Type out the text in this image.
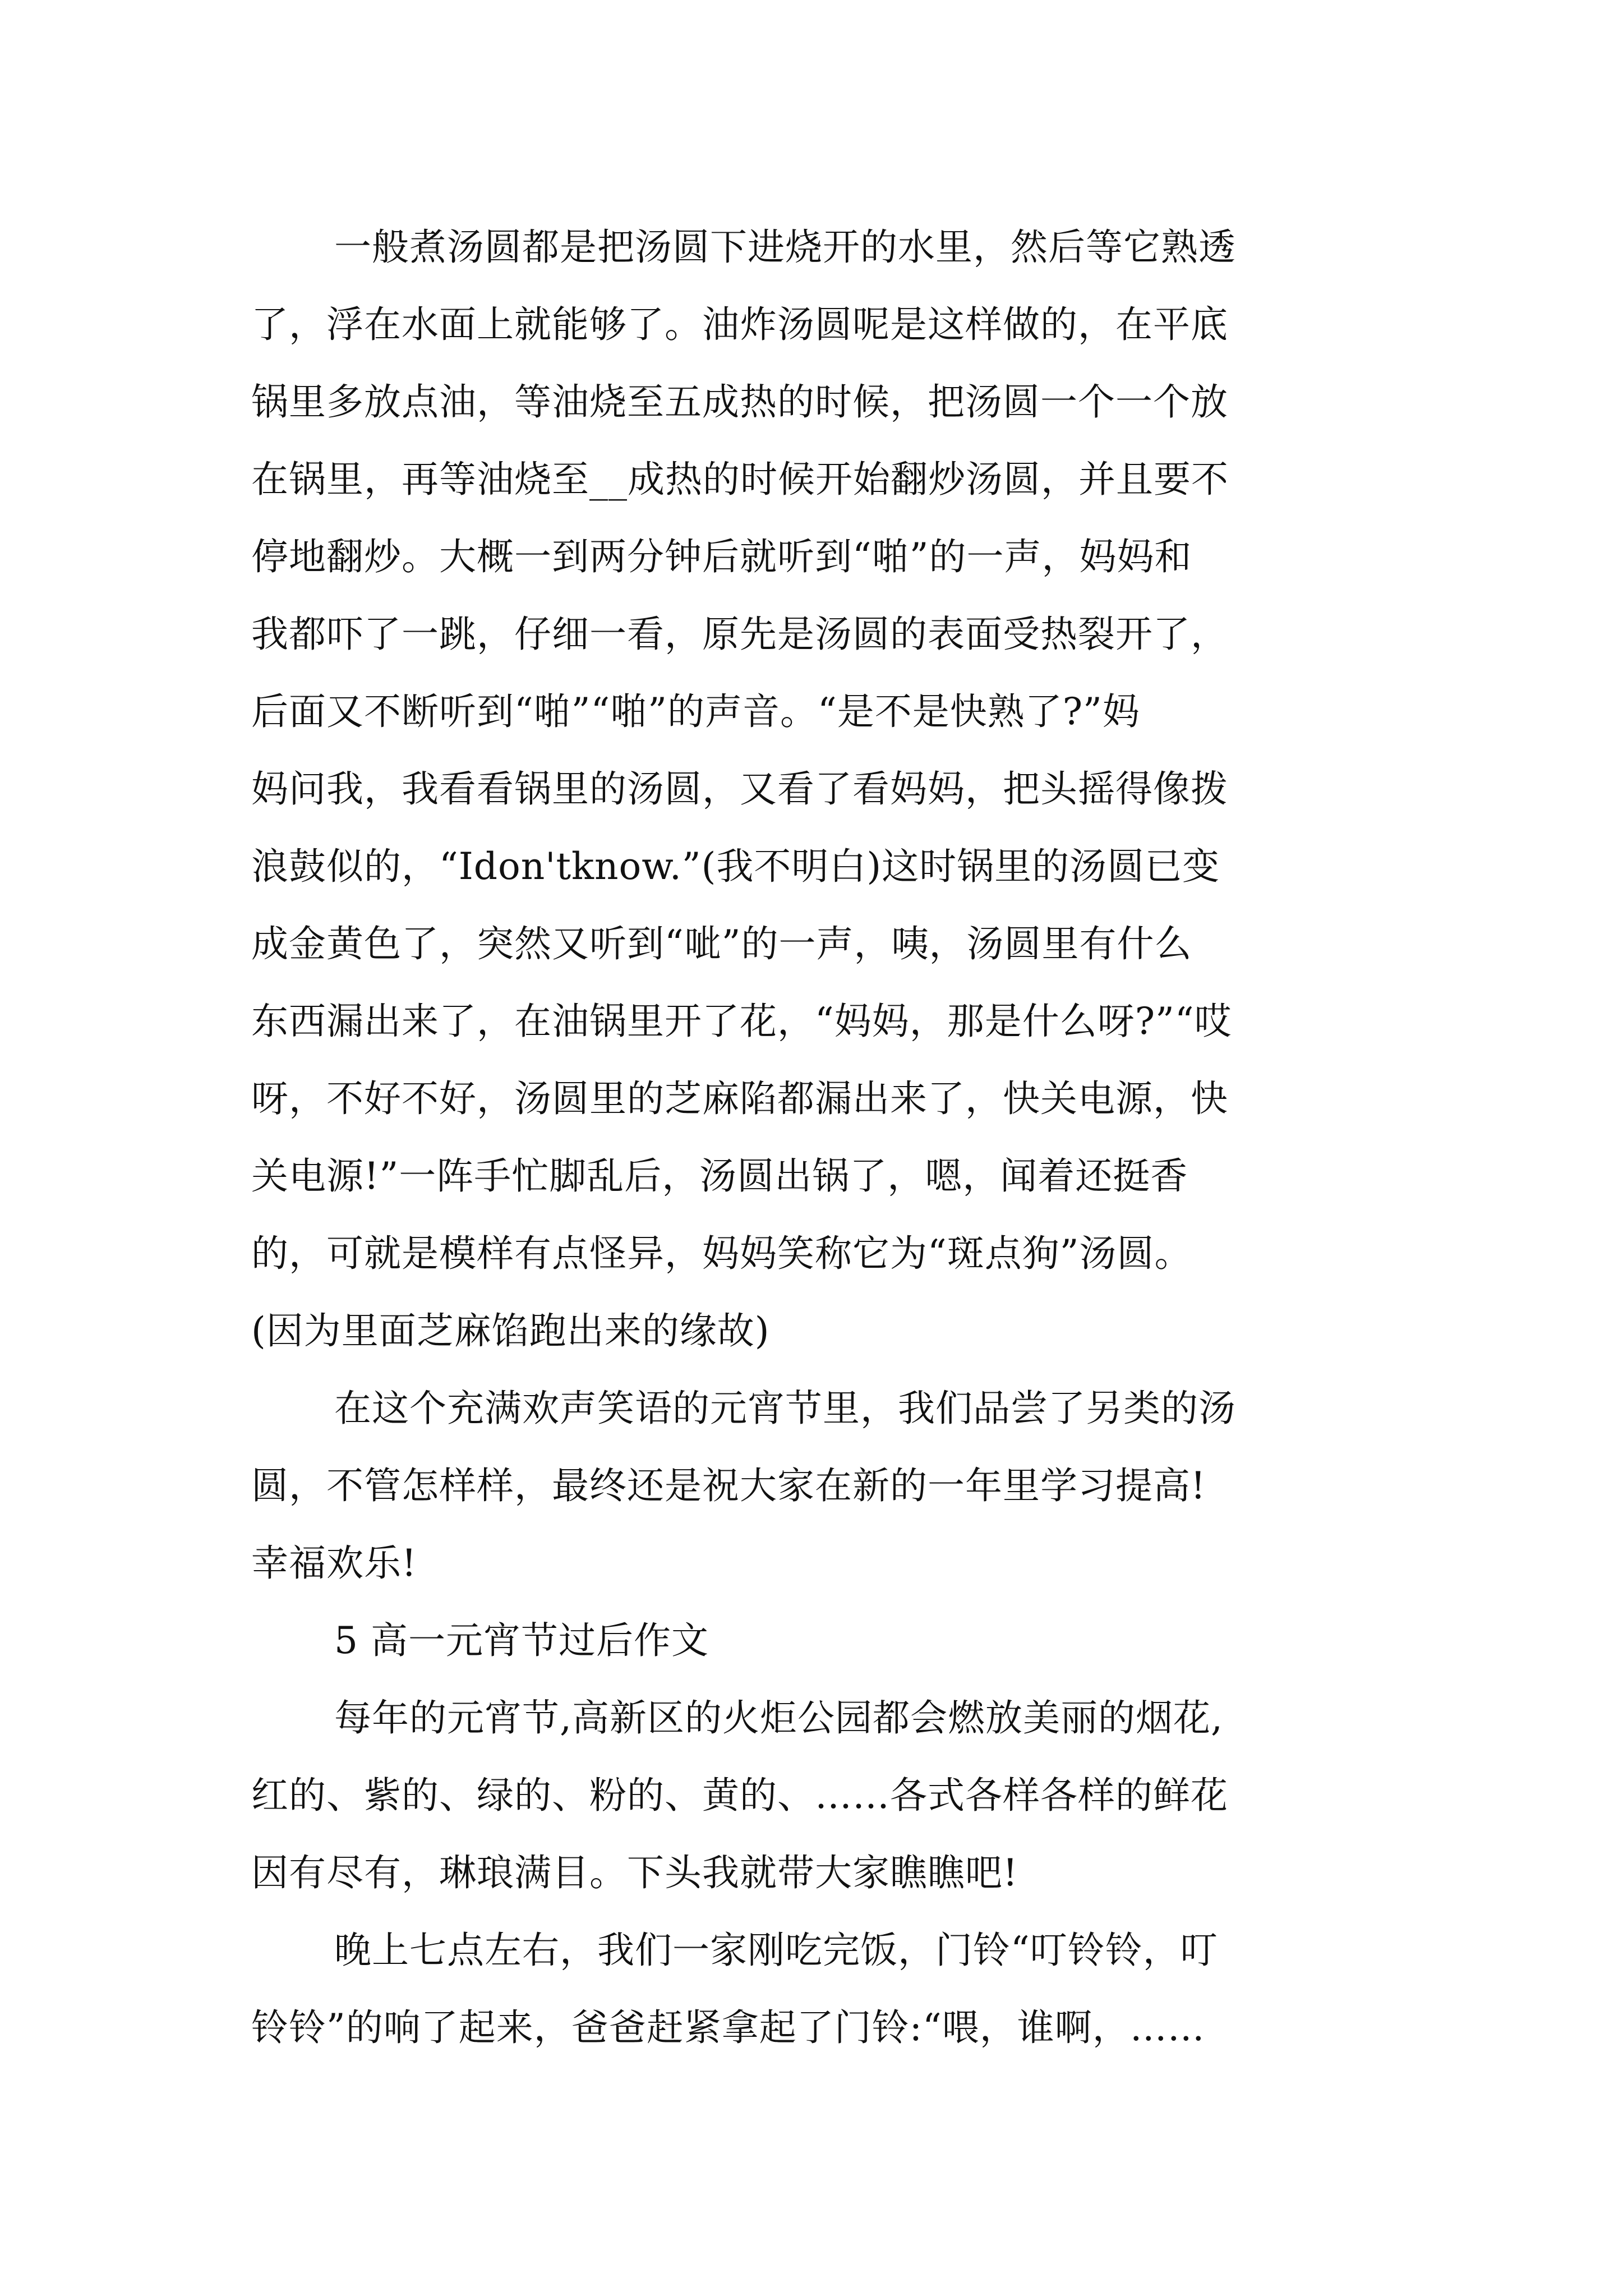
一般煮汤圆都是把汤圆下进烧开的水里，然后等它熟透
了，浮在水面上就能够了。油炸汤圆呢是这样做的，在平底
锅里多放点油，等油烧至五成热的时候，把汤圆一个一个放
在锅里，再等油烧至__成热的时候开始翻炒汤圆，并且要不
停地翻炒。大概一到两分钟后就听到“啪”的一声，妈妈和
我都吓了一跳，仔细一看，原先是汤圆的表面受热裂开了，
后面又不断听到“啪”“啪”的声音。“是不是快熟了?”妈
妈问我，我看看锅里的汤圆，又看了看妈妈，把头摇得像拨
浪鼓似的，“Idon'tknow.”(我不明白)这时锅里的汤圆已变
成金黄色了，突然又听到“呲”的一声，咦，汤圆里有什么
东西漏出来了，在油锅里开了花，“妈妈，那是什么呀?”“哎
呀，不好不好，汤圆里的芝麻陷都漏出来了，快关电源，快
关电源!”一阵手忙脚乱后，汤圆出锅了，嗯，闻着还挺香
的，可就是模样有点怪异，妈妈笑称它为“斑点狗”汤圆。
(因为里面芝麻馅跑出来的缘故)
在这个充满欢声笑语的元宵节里，我们品尝了另类的汤
圆，不管怎样样，最终还是祝大家在新的一年里学习提高!
幸福欢乐!
5 高一元宵节过后作文
每年的元宵节,高新区的火炬公园都会燃放美丽的烟花,
红的、紫的、绿的、粉的、黄的、……各式各样各样的鲜花
因有尽有，琳琅满目。下头我就带大家瞧瞧吧!
晚上七点左右，我们一家刚吃完饭，门铃“叮铃铃，叮
铃铃”的响了起来，爸爸赶紧拿起了门铃:“喂，谁啊，……
